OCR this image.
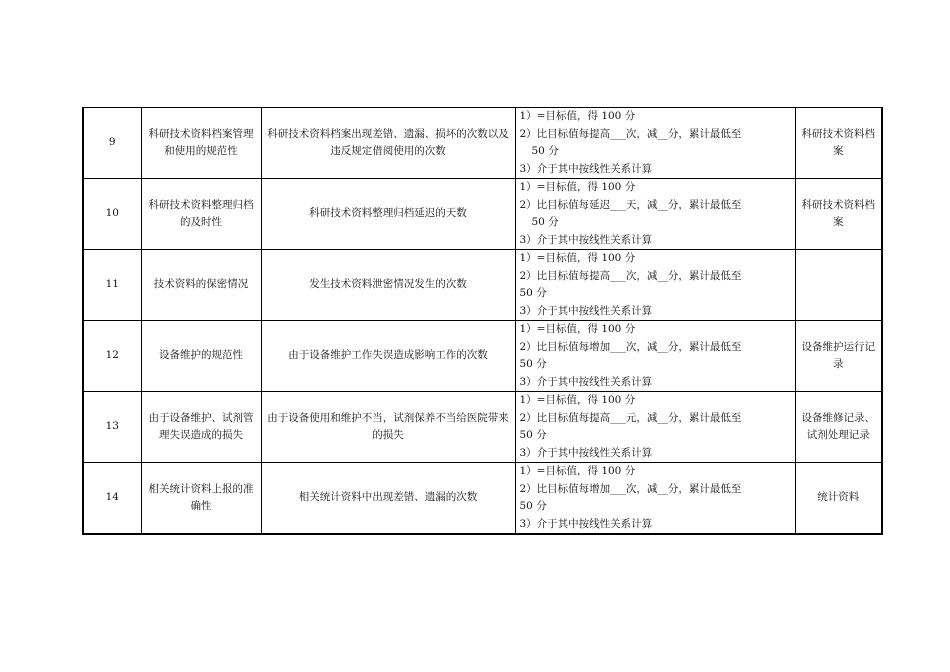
9	科研技术资料档案管理和使用的规范性	科研技术资料档案出现差错、遗漏、损坏的次数以及违反规定借阅使用的次数	1）=目标值，得 100 分
2）比目标值每提高___次，减__分，累计最低至
50 分
3）介于其中按线性关系计算	科研技术资料档案
10	科研技术资料整理归档的及时性	科研技术资料整理归档延迟的天数	1）=目标值，得 100 分
2）比目标值每延迟___天，减__分，累计最低至
50 分
3）介于其中按线性关系计算	科研技术资料档案
11	技术资料的保密情况	发生技术资料泄密情况发生的次数	1）=目标值，得 100 分
2）比目标值每提高___次，减__分，累计最低至
50 分
3）介于其中按线性关系计算	

12	设备维护的规范性	由于设备维护工作失误造成影响工作的次数	1）=目标值，得 100 分
2）比目标值每增加___次，减__分，累计最低至
50 分
3）介于其中按线性关系计算	设备维护运行记录
13	由于设备维护、试剂管理失误造成的损失	由于设备使用和维护不当，试剂保养不当给医院带来的损失	1）=目标值，得 100 分
2）比目标值每提高___元，减__分，累计最低至
50 分
3）介于其中按线性关系计算	设备维修记录、试剂处理记录
14	相关统计资料上报的准确性	相关统计资料中出现差错、遗漏的次数	1）=目标值，得 100 分
2）比目标值每增加___次，减__分，累计最低至
50 分
3）介于其中按线性关系计算	统计资料
